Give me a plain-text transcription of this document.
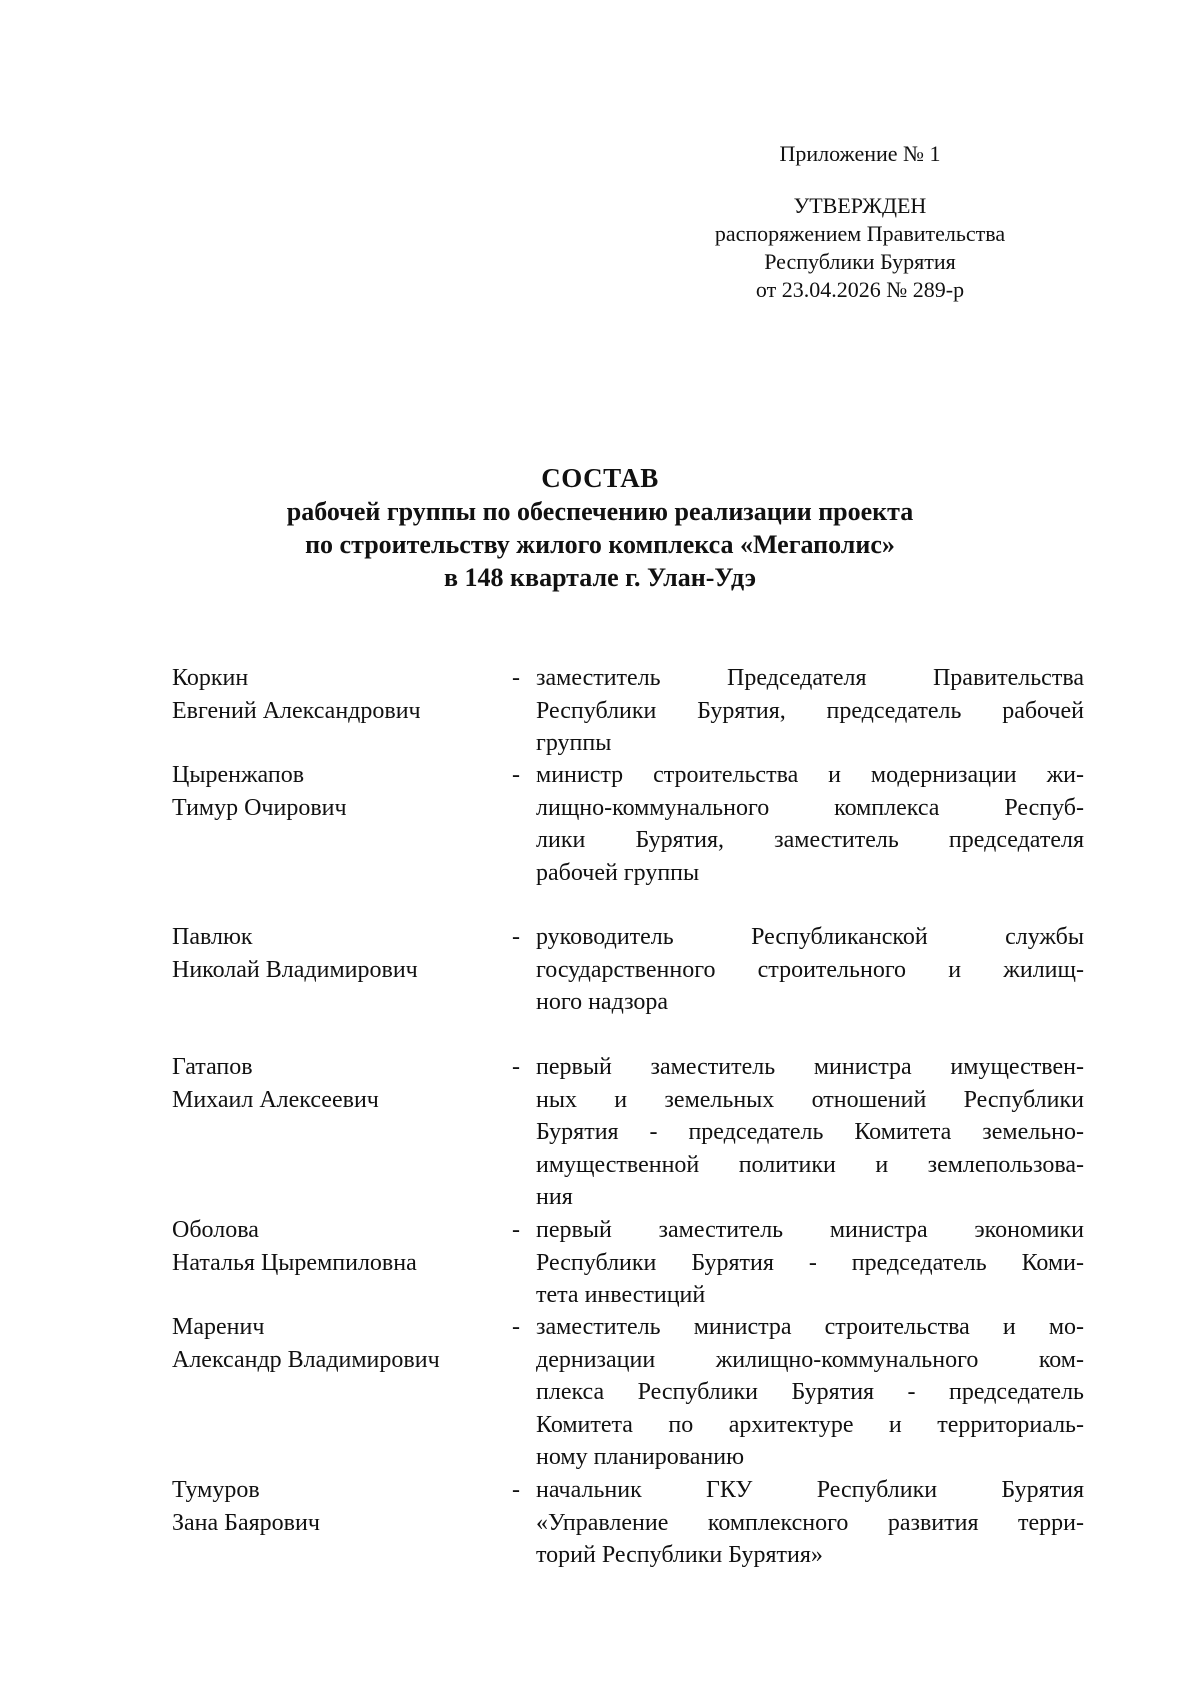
Приложение № 1
УТВЕРЖДЕН
распоряжением Правительства
Республики Бурятия
от 23.04.2026 № 289-р
СОСТАВ
рабочей группы по обеспечению реализации проекта
по строительству жилого комплекса «Мегаполис»
в 148 квартале г. Улан-Удэ
Коркин
Евгений Александрович
- заместитель Председателя Правительства
Республики Бурятия, председатель рабочей
группы
Цыренжапов
Тимур Очирович
- министр строительства и модернизации жи-
лищно-коммунального комплекса Респуб-
лики Бурятия, заместитель председателя
рабочей группы
Павлюк
Николай Владимирович
- руководитель Республиканской службы
государственного строительного и жилищ-
ного надзора
Гатапов
Михаил Алексеевич
- первый заместитель министра имуществен-
ных и земельных отношений Республики
Бурятия - председатель Комитета земельно-
имущественной политики и землепользова-
ния
Оболова
Наталья Цыремпиловна
- первый заместитель министра экономики
Республики Бурятия - председатель Коми-
тета инвестиций
Маренич
Александр Владимирович
- заместитель министра строительства и мо-
дернизации жилищно-коммунального ком-
плекса Республики Бурятия - председатель
Комитета по архитектуре и территориаль-
ному планированию
Тумуров
Зана Баярович
- начальник ГКУ Республики Бурятия
«Управление комплексного развития терри-
торий Республики Бурятия»
